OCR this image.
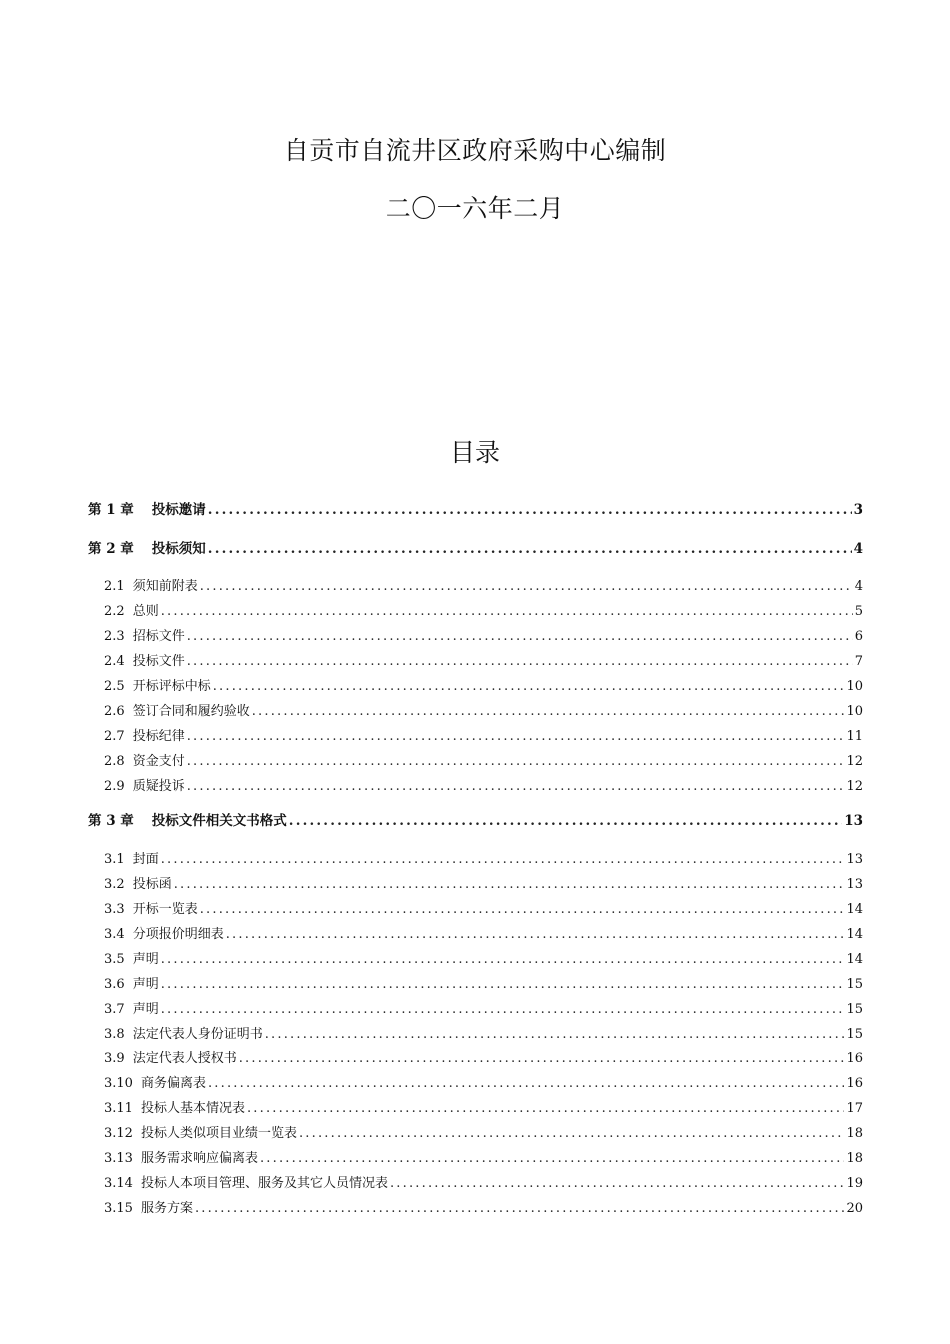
自贡市自流井区政府采购中心编制
二〇一六年二月
目录
第 1 章 投标邀请 .....	3
第 2 章 投标须知 .....	4
2.1 须知前附表 .....	4
2.2 总则 .....	5
2.3 招标文件 .....	6
2.4 投标文件 .....	7
2.5 开标评标中标 .....	10
2.6 签订合同和履约验收 .....	10
2.7 投标纪律 .....	11
2.8 资金支付 .....	12
2.9 质疑投诉 .....	12
第 3 章 投标文件相关文书格式 .....	13
3.1 封面 .....	13
3.2 投标函 .....	13
3.3 开标一览表 .....	14
3.4 分项报价明细表 .....	14
3.5 声明 .....	14
3.6 声明 .....	15
3.7 声明 .....	15
3.8 法定代表人身份证明书 .....	15
3.9 法定代表人授权书 .....	16
3.10 商务偏离表 .....	16
3.11 投标人基本情况表 .....	17
3.12 投标人类似项目业绩一览表 .....	18
3.13 服务需求响应偏离表 .....	18
3.14 投标人本项目管理、服务及其它人员情况表 .....	19
3.15 服务方案 .....	20
